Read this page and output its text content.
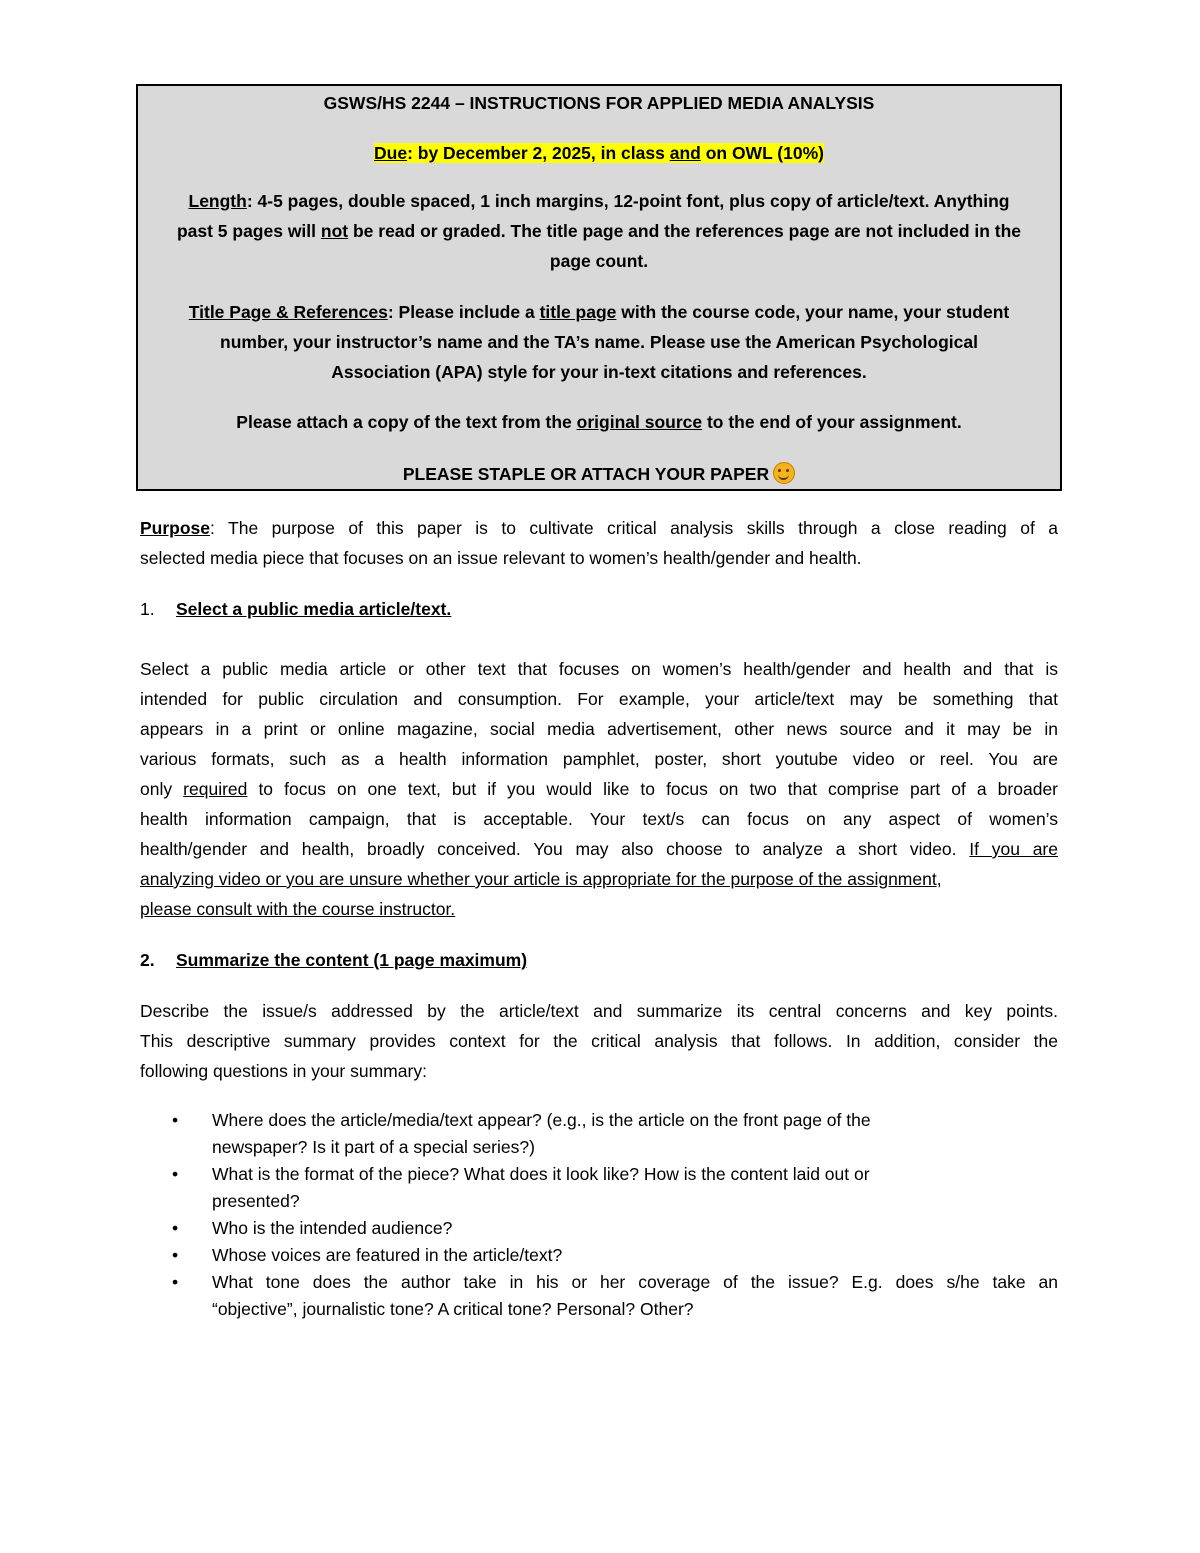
GSWS/HS 2244 – INSTRUCTIONS FOR APPLIED MEDIA ANALYSIS
Due: by December 2, 2025, in class and on OWL (10%)
Length: 4-5 pages, double spaced, 1 inch margins, 12-point font, plus copy of article/text. Anything
past 5 pages will not be read or graded. The title page and the references page are not included in the
page count.
Title Page & References: Please include a title page with the course code, your name, your student
number, your instructor’s name and the TA’s name. Please use the American Psychological
Association (APA) style for your in-text citations and references.
Please attach a copy of the text from the original source to the end of your assignment.
PLEASE STAPLE OR ATTACH YOUR PAPER
Purpose: The purpose of this paper is to cultivate critical analysis skills through a close reading of a
selected media piece that focuses on an issue relevant to women’s health/gender and health.
1. Select a public media article/text.
Select a public media article or other text that focuses on women’s health/gender and health and that is
intended for public circulation and consumption. For example, your article/text may be something that
appears in a print or online magazine, social media advertisement, other news source and it may be in
various formats, such as a health information pamphlet, poster, short youtube video or reel. You are
only required to focus on one text, but if you would like to focus on two that comprise part of a broader
health information campaign, that is acceptable. Your text/s can focus on any aspect of women’s
health/gender and health, broadly conceived. You may also choose to analyze a short video. If you are
analyzing video or you are unsure whether your article is appropriate for the purpose of the assignment,
please consult with the course instructor.
2. Summarize the content (1 page maximum)
Describe the issue/s addressed by the article/text and summarize its central concerns and key points.
This descriptive summary provides context for the critical analysis that follows. In addition, consider the
following questions in your summary:
• Where does the article/media/text appear? (e.g., is the article on the front page of the
newspaper? Is it part of a special series?)
• What is the format of the piece? What does it look like? How is the content laid out or
presented?
• Who is the intended audience?
• Whose voices are featured in the article/text?
• What tone does the author take in his or her coverage of the issue? E.g. does s/he take an
“objective”, journalistic tone? A critical tone? Personal? Other?
